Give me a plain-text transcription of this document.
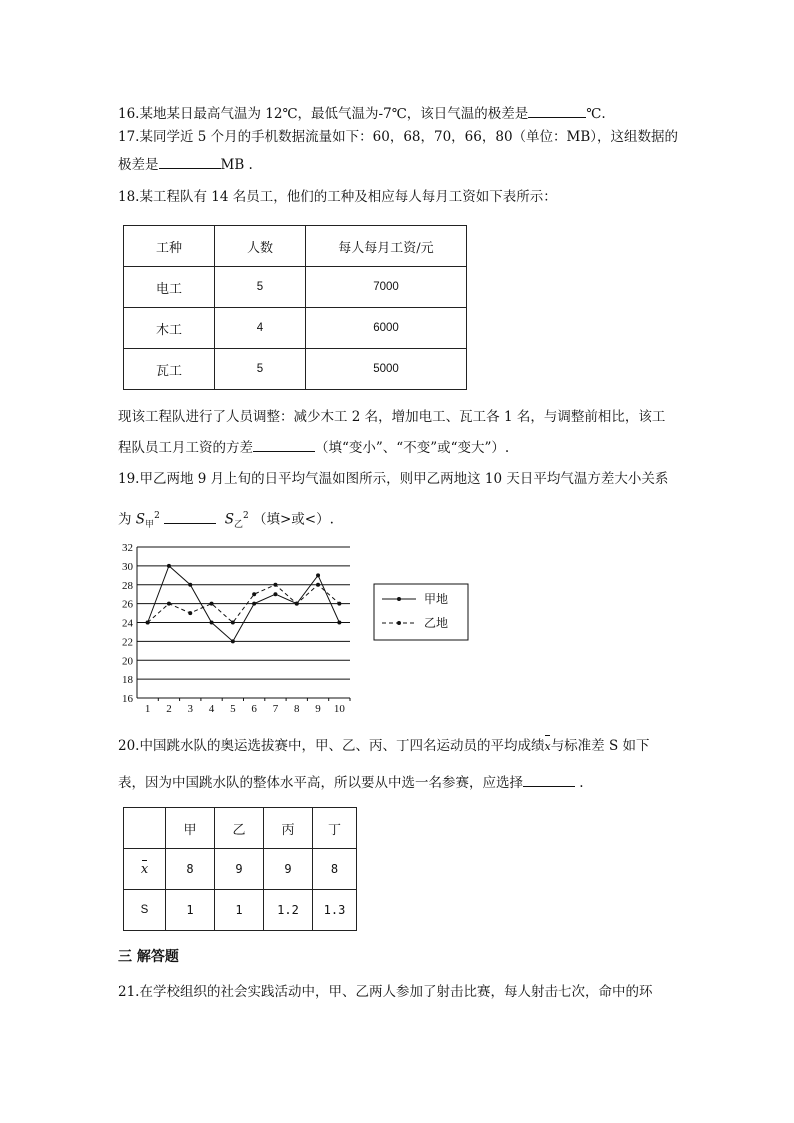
16.某地某日最高气温为 12℃，最低气温为-7℃，该日气温的极差是	℃.
17.某同学近 5 个月的手机数据流量如下：60，68，70，66，80（单位：MB），这组数据的
极差是	MB .
18.某工程队有 14 名员工，他们的工种及相应每人每月工资如下表所示：
工种	人数	每人每月工资/元
电工	5	7000
木工	4	6000
瓦工	5	5000
现该工程队进行了人员调整：减少木工 2 名，增加电工、瓦工各 1 名，与调整前相比，该工
程队员工月工资的方差	（填“变小”、“不变”或“变大”）.
19.甲乙两地 9 月上旬的日平均气温如图所示，则甲乙两地这 10 天日平均气温方差大小关系
为 $S_甲^2$	$S_乙^2$ （填>或<）.
16
18
20
22
24
26
28
30
32
1 2 3 4 5 6 7 8 9 10
甲地
乙地
20.中国跳水队的奥运选拔赛中，甲、乙、丙、丁四名运动员的平均成绩x与标准差 S 如下
表，因为中国跳水队的整体水平高，所以要从中选一名参赛，应选择	.
	甲	乙	丙	丁
x	8	9	9	8
S	1	1	1.2	1.3
三 解答题
21.在学校组织的社会实践活动中，甲、乙两人参加了射击比赛，每人射击七次，命中的环
